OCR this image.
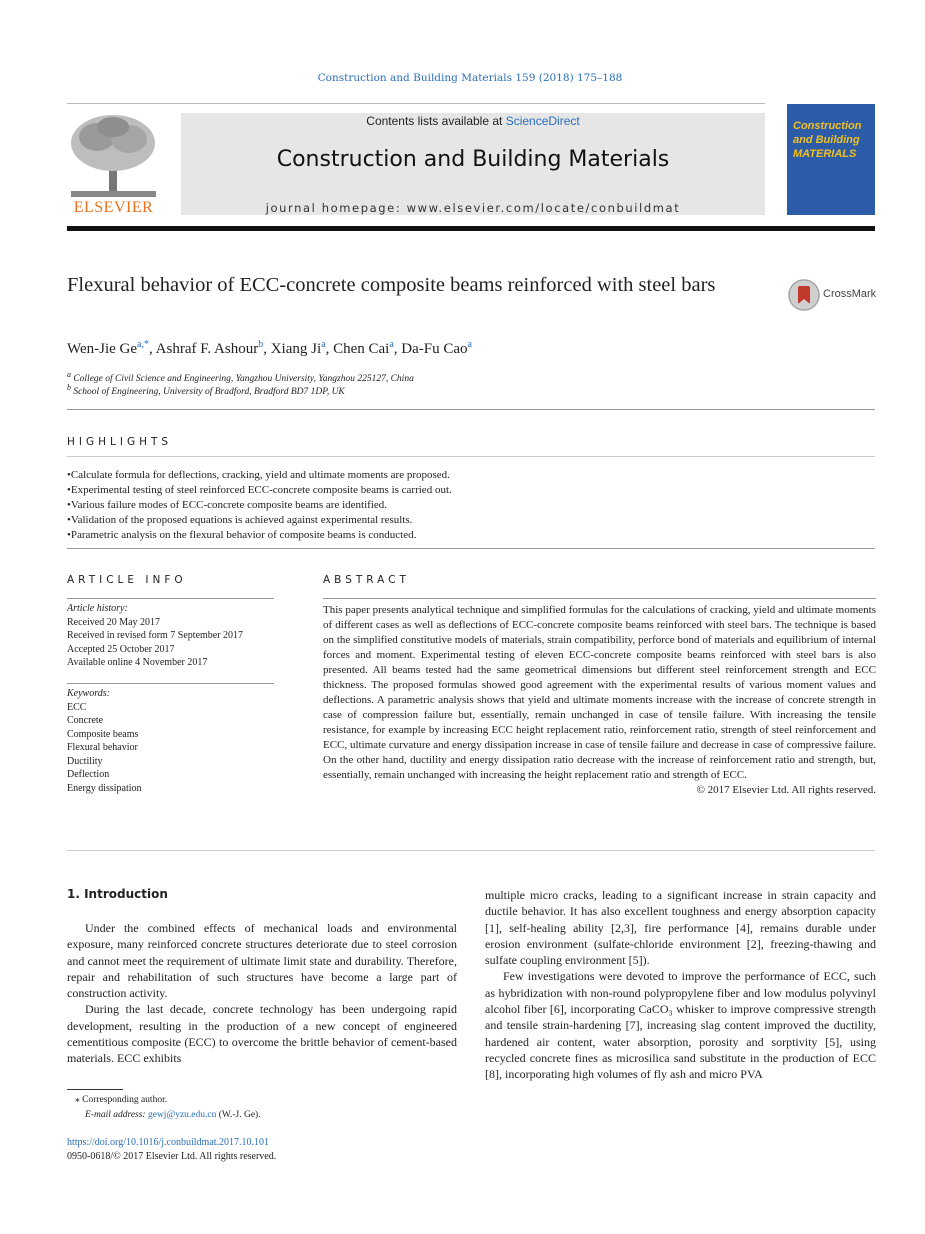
Construction and Building Materials 159 (2018) 175–188
ELSEVIER
Contents lists available at ScienceDirect
Construction and Building Materials
journal homepage: www.elsevier.com/locate/conbuildmat
Construction and Building MATERIALS
Flexural behavior of ECC-concrete composite beams reinforced with steel bars	CrossMark
Wen-Jie $Ge^{a,*}$, Ashraf F. Ashour$^b$, Xiang Ji$^a$, Chen Cai$^a$, Da-Fu Cao$^a$
$^a$ College of Civil Science and Engineering, Yangzhou University, Yangzhou 225127, China
$^b$ School of Engineering, University of Bradford, Bradford BD7 1DP, UK
HIGHLIGHTS
• Calculate formula for deflections, cracking, yield and ultimate moments are proposed.
• Experimental testing of steel reinforced ECC-concrete composite beams is carried out.
• Various failure modes of ECC-concrete composite beams are identified.
• Validation of the proposed equations is achieved against experimental results.
• Parametric analysis on the flexural behavior of composite beams is conducted.
ARTICLE INFO
Article history:
Received 20 May 2017
Received in revised form 7 September 2017
Accepted 25 October 2017
Available online 4 November 2017
Keywords:
ECC
Concrete
Composite beams
Flexural behavior
Ductility
Deflection
Energy dissipation
ABSTRACT
This paper presents analytical technique and simplified formulas for the calculations of cracking, yield and ultimate moments of different cases as well as deflections of ECC-concrete composite beams reinforced with steel bars. The technique is based on the simplified constitutive models of materials, strain compatibility, perforce bond of materials and equilibrium of internal forces and moment. Experimental testing of eleven ECC-concrete composite beams reinforced with steel bars is also presented. All beams tested had the same geometrical dimensions but different steel reinforcement strength and ECC thickness. The proposed formulas showed good agreement with the experimental results of various moment values and deflections. A parametric analysis shows that yield and ultimate moments increase with the increase of concrete strength in case of compression failure but, essentially, remain unchanged in case of tensile failure. With increasing the tensile resistance, for example by increasing ECC height replacement ratio, reinforcement ratio, strength of steel reinforcement and ECC, ultimate curvature and energy dissipation increase in case of tensile failure and decrease in case of compressive failure. On the other hand, ductility and energy dissipation ratio decrease with the increase of reinforcement ratio and strength, but, essentially, remain unchanged with increasing the height replacement ratio and strength of ECC.
© 2017 Elsevier Ltd. All rights reserved.
1. Introduction

Under the combined effects of mechanical loads and environmental exposure, many reinforced concrete structures deteriorate due to steel corrosion and cannot meet the requirement of ultimate limit state and durability. Therefore, repair and rehabilitation of such structures have become a large part of construction activity.

During the last decade, concrete technology has been undergoing rapid development, resulting in the production of a new concept of engineered cementitious composite (ECC) to overcome the brittle behavior of cement-based materials. ECC exhibits

multiple micro cracks, leading to a significant increase in strain capacity and ductile behavior. It has also excellent toughness and energy absorption capacity [1], self-healing ability [2,3], fire performance [4], remains durable under erosion environment (sulfate-chloride environment [2], freezing-thawing and sulfate coupling environment [5]).

Few investigations were devoted to improve the performance of ECC, such as hybridization with non-round polypropylene fiber and low modulus polyvinyl alcohol fiber [6], incorporating CaCO₃ whisker to improve compressive strength and tensile strain-hardening [7], increasing slag content improved the ductility, hardened air content, water absorption, porosity and sorptivity [5], using recycled concrete fines as microsilica sand substitute in the production of ECC [8], incorporating high volumes of fly ash and micro PVA

⁎ Corresponding author.
E-mail address: gewj@yzu.edu.cn (W.-J. Ge).
https://doi.org/10.1016/j.conbuildmat.2017.10.101
0950-0618/© 2017 Elsevier Ltd. All rights reserved.
